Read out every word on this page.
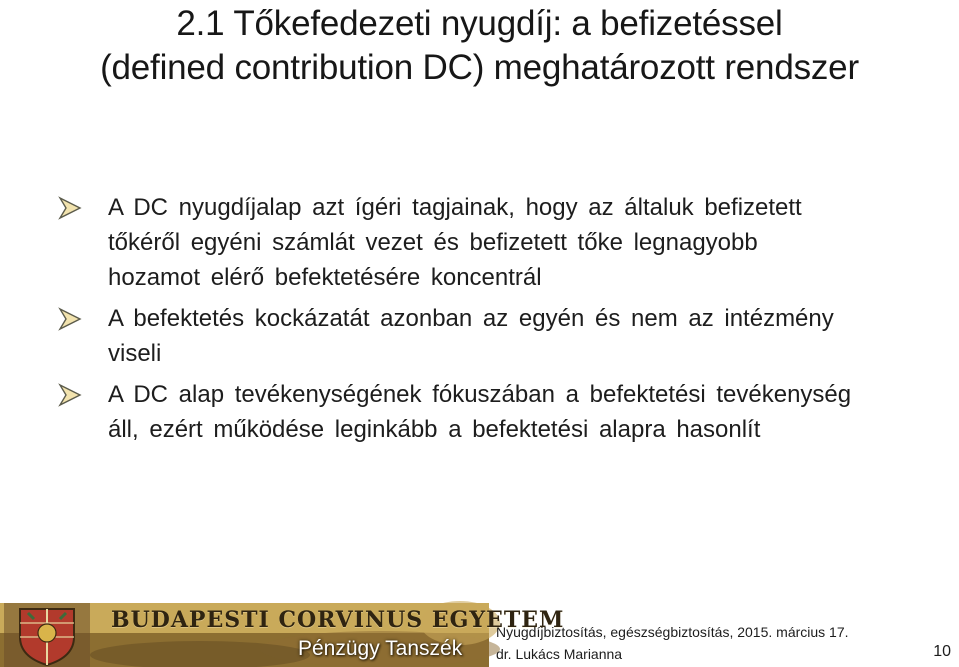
2.1 Tőkefedezeti nyugdíj: a befizetéssel
(defined contribution DC) meghatározott rendszer
A DC nyugdíjalap azt ígéri tagjainak, hogy az általuk befizetett
tőkéről egyéni számlát vezet és befizetett tőke legnagyobb
hozamot elérő befektetésére koncentrál
A befektetés kockázatát azonban az egyén és nem az intézmény
viseli
A DC alap tevékenységének fókuszában a befektetési tevékenység
áll, ezért működése leginkább a befektetési alapra hasonlít
BUDAPESTI CORVINUS EGYETEM
Pénzügy Tanszék
Nyugdíjbiztosítás, egészségbiztosítás, 2015. március 17.
dr. Lukács Marianna	10
